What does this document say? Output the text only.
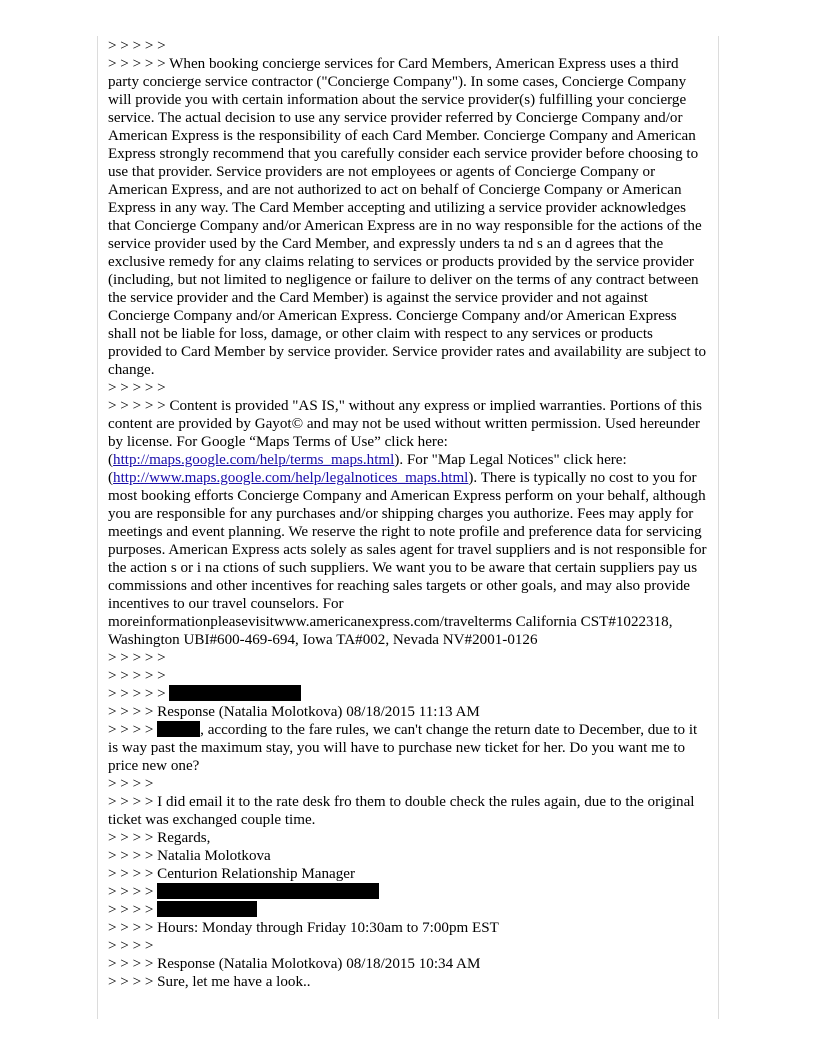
> > > > >

> > > > > When booking concierge services for Card Members, American Express uses a third party concierge service contractor ("Concierge Company"). In some cases, Concierge Company will provide you with certain information about the service provider(s) fulfilling your concierge service. The actual decision to use any service provider referred by Concierge Company and/or American Express is the responsibility of each Card Member. Concierge Company and American Express strongly recommend that you carefully consider each service provider before choosing to use that provider. Service providers are not employees or agents of Concierge Company or American Express, and are not authorized to act on behalf of Concierge Company or American Express in any way. The Card Member accepting and utilizing a service provider acknowledges that Concierge Company and/or American Express are in no way responsible for the actions of the service provider used by the Card Member, and expressly unders ta nd s an d agrees that the exclusive remedy for any claims relating to services or products provided by the service provider (including, but not limited to negligence or failure to deliver on the terms of any contract between the service provider and the Card Member) is against the service provider and not against Concierge Company and/or American Express. Concierge Company and/or American Express shall not be liable for loss, damage, or other claim with respect to any services or products provided to Card Member by service provider. Service provider rates and availability are subject to change.

> > > > >

> > > > > Content is provided "AS IS," without any express or implied warranties. Portions of this content are provided by Gayot© and may not be used without written permission. Used hereunder by license. For Google “Maps Terms of Use” click here: (http://maps.google.com/help/terms_maps.html). For "Map Legal Notices" click here: (http://www.maps.google.com/help/legalnotices_maps.html). There is typically no cost to you for most booking efforts Concierge Company and American Express perform on your behalf, although you are responsible for any purchases and/or shipping charges you authorize. Fees may apply for meetings and event planning. We reserve the right to note profile and preference data for servicing purposes. American Express acts solely as sales agent for travel suppliers and is not responsible for the action s or i na ctions of such suppliers. We want you to be aware that certain suppliers pay us commissions and other incentives for reaching sales targets or other goals, and may also provide incentives to our travel counselors. For moreinformationpleasevisitwww.americanexpress.com/travelterms California CST#1022318, Washington UBI#600-469-694, Iowa TA#002, Nevada NV#2001-0126

> > > > >

> > > > >

> > > > >

> > > > Response (Natalia Molotkova) 08/18/2015 11:13 AM

> > > >	, according to the fare rules, we can't change the return date to December, due to it is way past the maximum stay, you will have to purchase new ticket for her. Do you want me to price new one?

> > > >

> > > > I did email it to the rate desk fro them to double check the rules again, due to the original ticket was exchanged couple time.

> > > > Regards,

> > > > Natalia Molotkova

> > > > Centurion Relationship Manager

> > > >

> > > >

> > > > Hours: Monday through Friday 10:30am to 7:00pm EST

> > > >

> > > > Response (Natalia Molotkova) 08/18/2015 10:34 AM

> > > > Sure, let me have a look..
